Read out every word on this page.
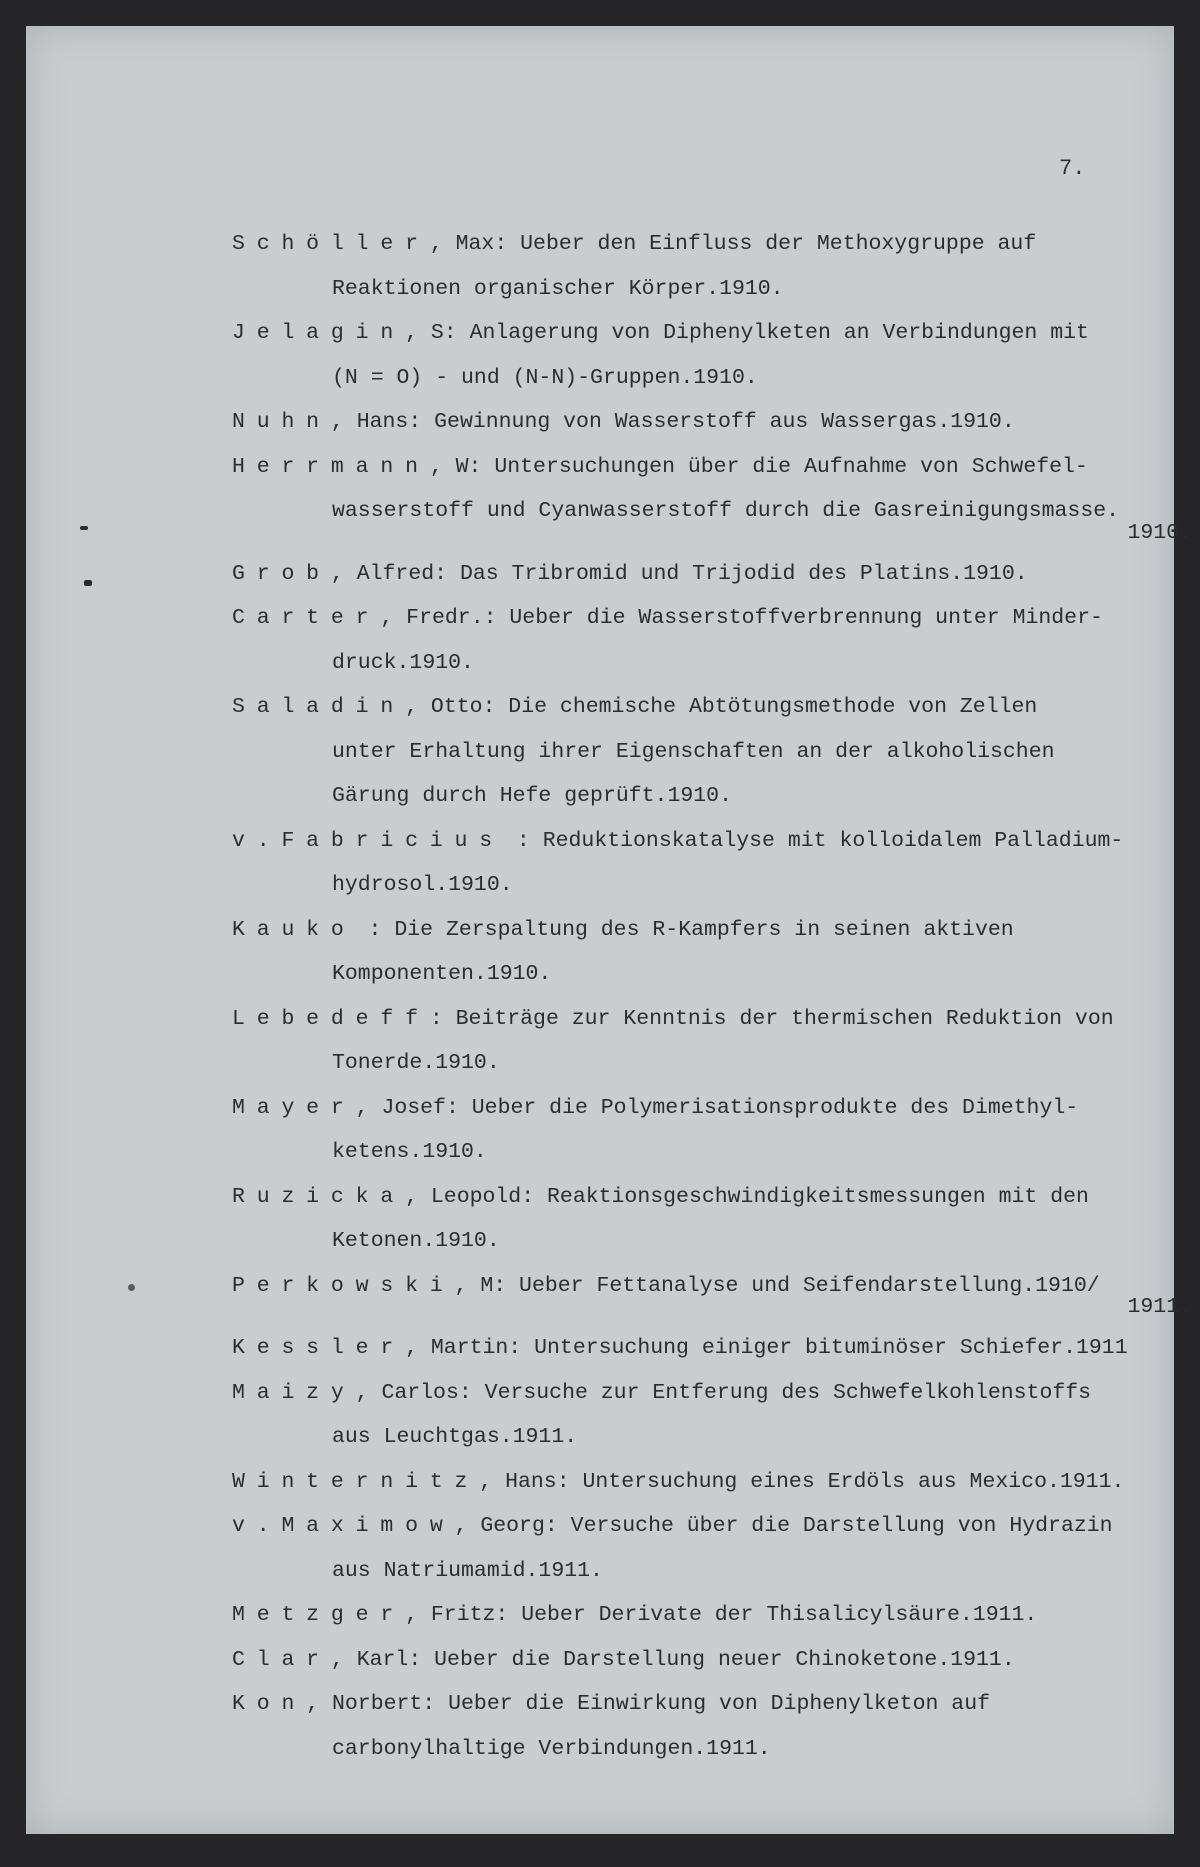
7.
Schöller, Max: Ueber den Einfluss der Methoxygruppe auf
Reaktionen organischer Körper.1910.
Jelagin, S: Anlagerung von Diphenylketen an Verbindungen mit
(N = O) - und (N-N)-Gruppen.1910.
Nuhn, Hans: Gewinnung von Wasserstoff aus Wassergas.1910.
Herrmann, W: Untersuchungen über die Aufnahme von Schwefel-
wasserstoff und Cyanwasserstoff durch die Gasreinigungsmasse.
1910.
Grob, Alfred: Das Tribromid und Trijodid des Platins.1910.
Carter, Fredr.: Ueber die Wasserstoffverbrennung unter Minder-
druck.1910.
Saladin, Otto: Die chemische Abtötungsmethode von Zellen
unter Erhaltung ihrer Eigenschaften an der alkoholischen
Gärung durch Hefe geprüft.1910.
v.Fabricius : Reduktionskatalyse mit kolloidalem Palladium-
hydrosol.1910.
Kauko : Die Zerspaltung des R-Kampfers in seinen aktiven
Komponenten.1910.
Lebedeff: Beiträge zur Kenntnis der thermischen Reduktion von
Tonerde.1910.
Mayer, Josef: Ueber die Polymerisationsprodukte des Dimethyl-
ketens.1910.
Ruzicka, Leopold: Reaktionsgeschwindigkeitsmessungen mit den
Ketonen.1910.
Perkowski, M: Ueber Fettanalyse und Seifendarstellung.1910/
1911.
Kessler, Martin: Untersuchung einiger bituminöser Schiefer.1911
Maizy, Carlos: Versuche zur Entferung des Schwefelkohlenstoffs
aus Leuchtgas.1911.
Winternitz, Hans: Untersuchung eines Erdöls aus Mexico.1911.
v.Maximow, Georg: Versuche über die Darstellung von Hydrazin
aus Natriumamid.1911.
Metzger, Fritz: Ueber Derivate der Thisalicylsäure.1911.
Clar, Karl: Ueber die Darstellung neuer Chinoketone.1911.
Kon, Norbert: Ueber die Einwirkung von Diphenylketon auf
carbonylhaltige Verbindungen.1911.
